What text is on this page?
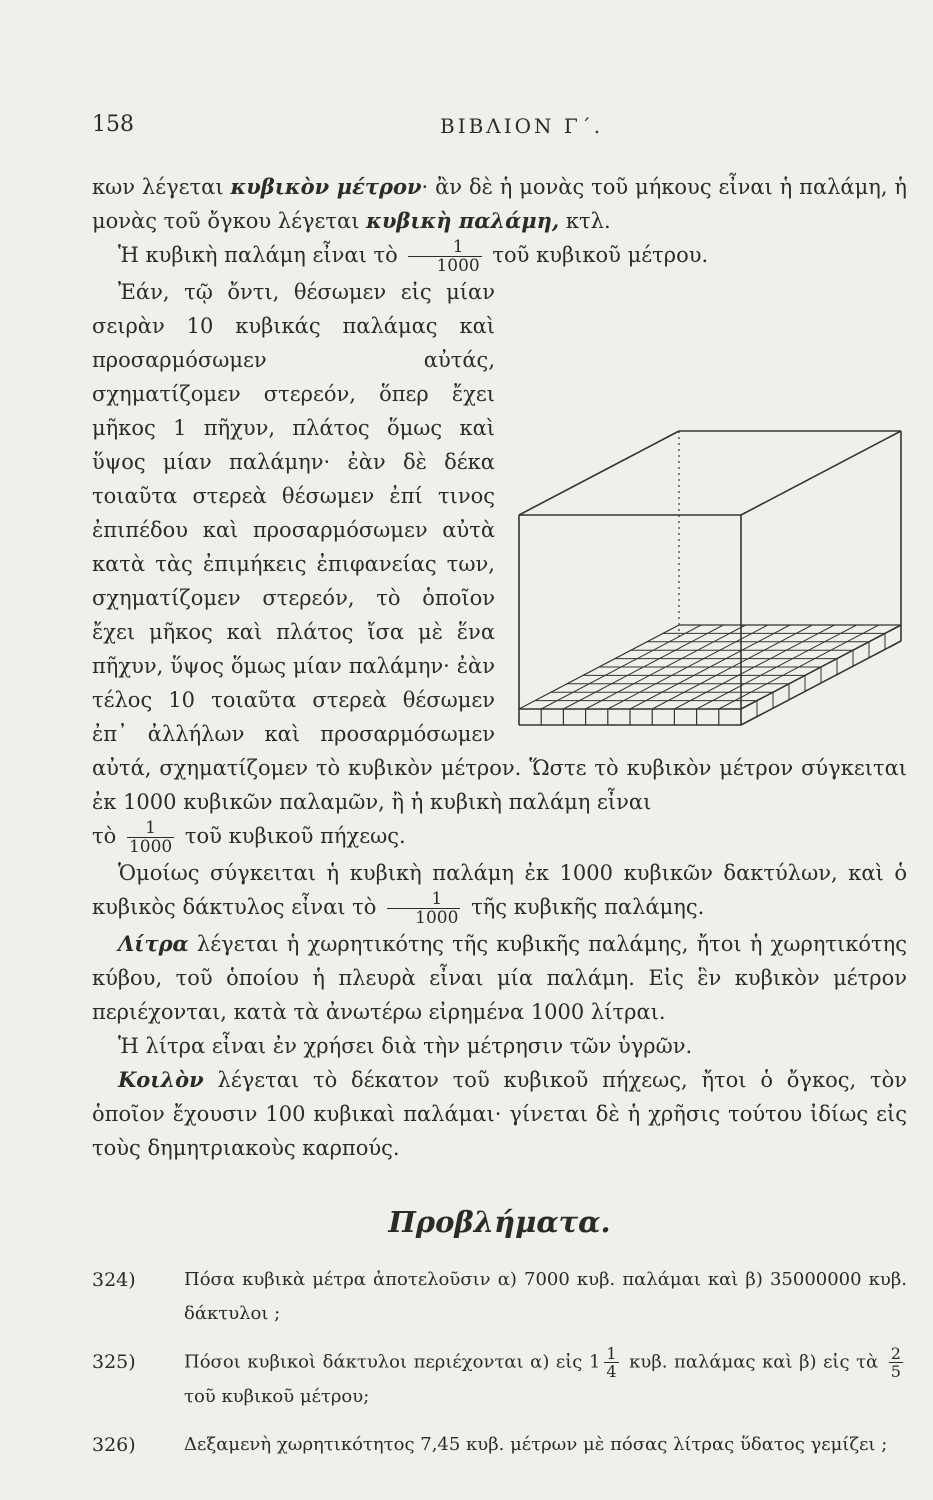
158	ΒΙΒΛΙΟΝ Γ΄.

κων λέγεται κυβικὸν μέτρον· ἂν δὲ ἡ μονὰς τοῦ μήκους εἶναι ἡ παλάμη, ἡ μονὰς τοῦ ὄγκου λέγεται κυβικὴ παλάμη, κτλ.

Ἡ κυβικὴ παλάμη εἶναι τὸ $\frac{1}{1000}$ τοῦ κυβικοῦ μέτρου.

Ἐάν, τῷ ὄντι, θέσωμεν εἰς μίαν σειρὰν 10 κυβικάς παλάμας καὶ προσαρμόσωμεν αὐτάς, σχηματίζομεν στερεόν, ὅπερ ἔχει μῆκος 1 πῆχυν, πλάτος ὅμως καὶ ὕψος μίαν παλάμην· ἐὰν δὲ δέκα τοιαῦτα στερεὰ θέσωμεν ἐπί τινος ἐπιπέδου καὶ προσαρμόσωμεν αὐτὰ κατὰ τὰς ἐπιμήκεις ἐπιφανείας των, σχηματίζομεν στερεόν, τὸ ὁποῖον ἔχει μῆκος καὶ πλάτος ἴσα μὲ ἕνα πῆχυν, ὕψος ὅμως μίαν παλάμην· ἐὰν τέλος 10 τοιαῦτα στερεὰ θέσωμεν ἐπ᾽ ἀλλήλων καὶ προσαρμόσωμεν αὐτά, σχηματίζομεν τὸ κυβικὸν μέτρον. Ὥστε τὸ κυβικὸν μέτρον σύγκειται ἐκ 1000 κυβικῶν παλαμῶν, ἢ ἡ κυβικὴ παλάμη εἶναι

τὸ $\frac{1}{1000}$ τοῦ κυβικοῦ πήχεως.

Ὁμοίως σύγκειται ἡ κυβικὴ παλάμη ἐκ 1000 κυβικῶν δακτύλων, καὶ ὁ κυβικὸς δάκτυλος εἶναι τὸ $\frac{1}{1000}$ τῆς κυβικῆς παλάμης.

Λίτρα λέγεται ἡ χωρητικότης τῆς κυβικῆς παλάμης, ἤτοι ἡ χωρητικότης κύβου, τοῦ ὁποίου ἡ πλευρὰ εἶναι μία παλάμη. Εἰς ἓν κυβικὸν μέτρον περιέχονται, κατὰ τὰ ἀνωτέρω εἰρημένα 1000 λίτραι.

Ἡ λίτρα εἶναι ἐν χρήσει διὰ τὴν μέτρησιν τῶν ὑγρῶν.

Κοιλὸν λέγεται τὸ δέκατον τοῦ κυβικοῦ πήχεως, ἤτοι ὁ ὄγκος, τὸν ὁποῖον ἔχουσιν 100 κυβικαὶ παλάμαι· γίνεται δὲ ἡ χρῆσις τούτου ἰδίως εἰς τοὺς δημητριακοὺς καρπούς.

Προβλήματα.
324)	Πόσα κυβικὰ μέτρα ἀποτελοῦσιν α) 7000 κυβ. παλάμαι καὶ β) 35000000 κυβ. δάκτυλοι ;
325)	Πόσοι κυβικοὶ δάκτυλοι περιέχονται α) εἰς $1 \frac{1}{4} \kappa\upsilon\beta$. παλάμας καὶ β) εἰς τὰ $\frac{2}{5}$
τοῦ κυβικοῦ μέτρου;
326)	Δεξαμενὴ χωρητικότητος 7,45 κυβ. μέτρων μὲ πόσας λίτρας ὕδατος γεμίζει ;
